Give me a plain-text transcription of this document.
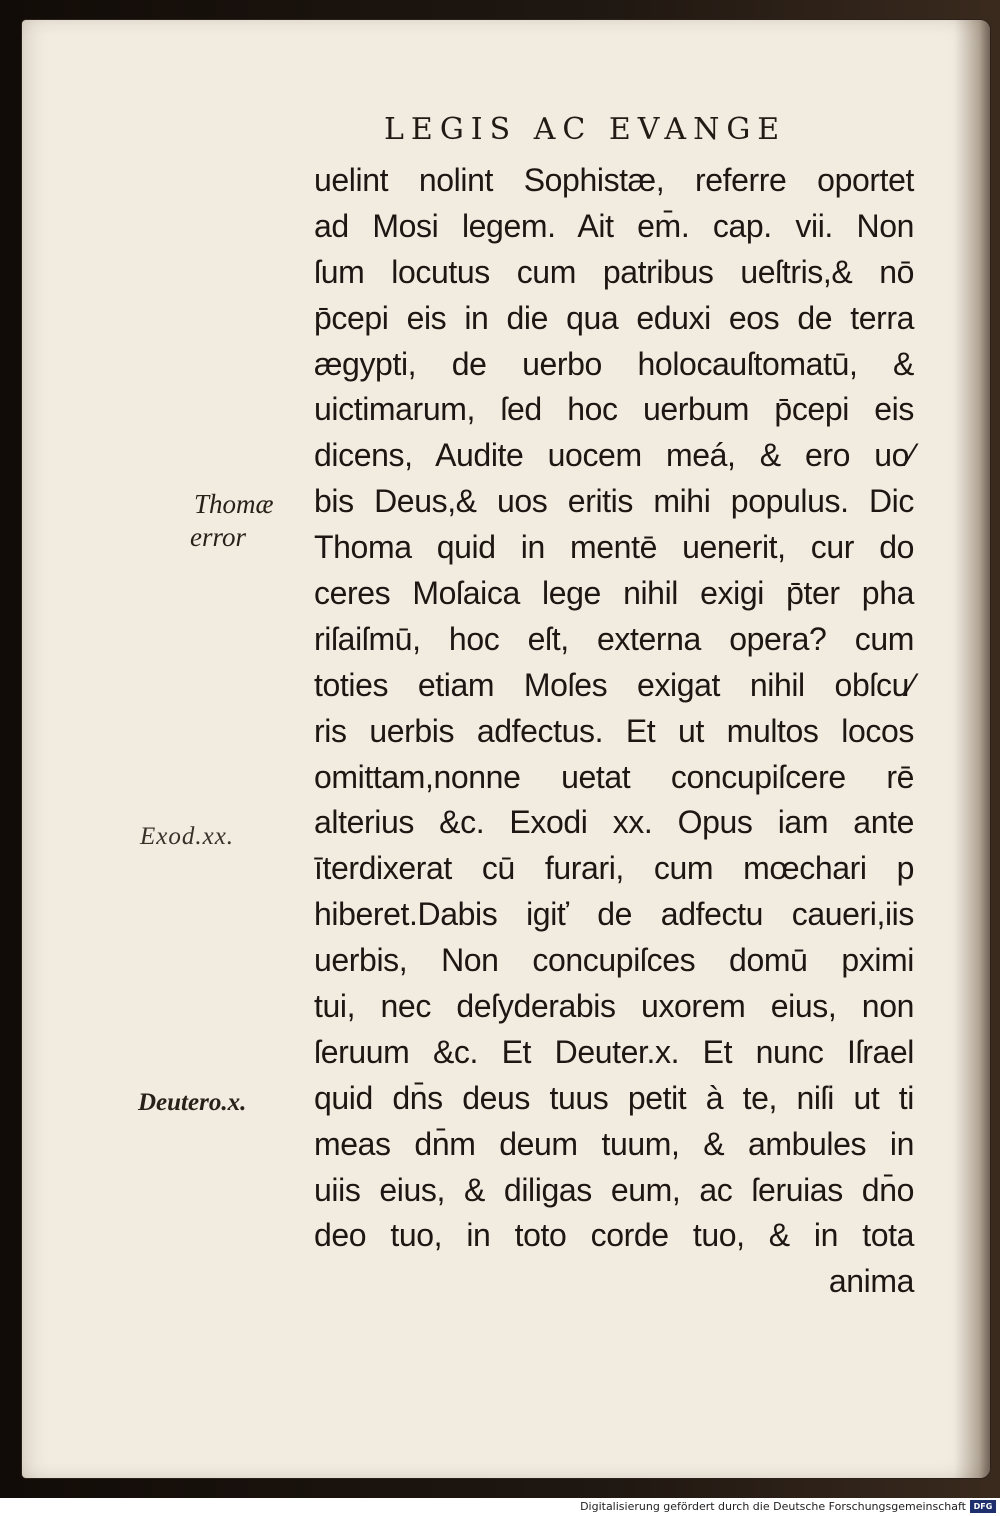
LEGIS AC EVANGE
Thomæ
error

Exod.xx.

Deutero.x.

uelint nolint Sophistæ, referre oportet
ad Mosi legem. Ait em̄. cap. vii. Non
ſum locutus cum patribus ueſtris,& nō
p̄cepi eis in die qua eduxi eos de terra
ægypti, de uerbo holocauſtomatū, &
uictimarum, ſed hoc uerbum p̄cepi eis
dicens, Audite uocem meá, & ero uo⁄
bis Deus,& uos eritis mihi populus. Dic
Thoma quid in mentē uenerit, cur do
ceres Moſaica lege nihil exigi p̄ter pha
riſaiſmū, hoc eſt, externa opera? cum
toties etiam Moſes exigat nihil obſcu⁄
ris uerbis adfectus. Et ut multos locos
omittam,nonne uetat concupiſcere rē
alterius &c. Exodi xx. Opus iam ante
īterdixerat cū furari, cum mœchari p
hiberet.Dabis igiť de adfectu caueri,iis
uerbis, Non concupiſces domū pximi
tui, nec deſyderabis uxorem eius, non
ſeruum &c. Et Deuter.x. Et nunc Iſrael
quid dn̄s deus tuus petit à te, niſi ut ti
meas dn̄m deum tuum, & ambules in
uiis eius, & diligas eum, ac ſeruias dn̄o
deo tuo, in toto corde tuo, & in tota
anima
Digitalisierung gefördert durch die Deutsche Forschungsgemeinschaft DFG
